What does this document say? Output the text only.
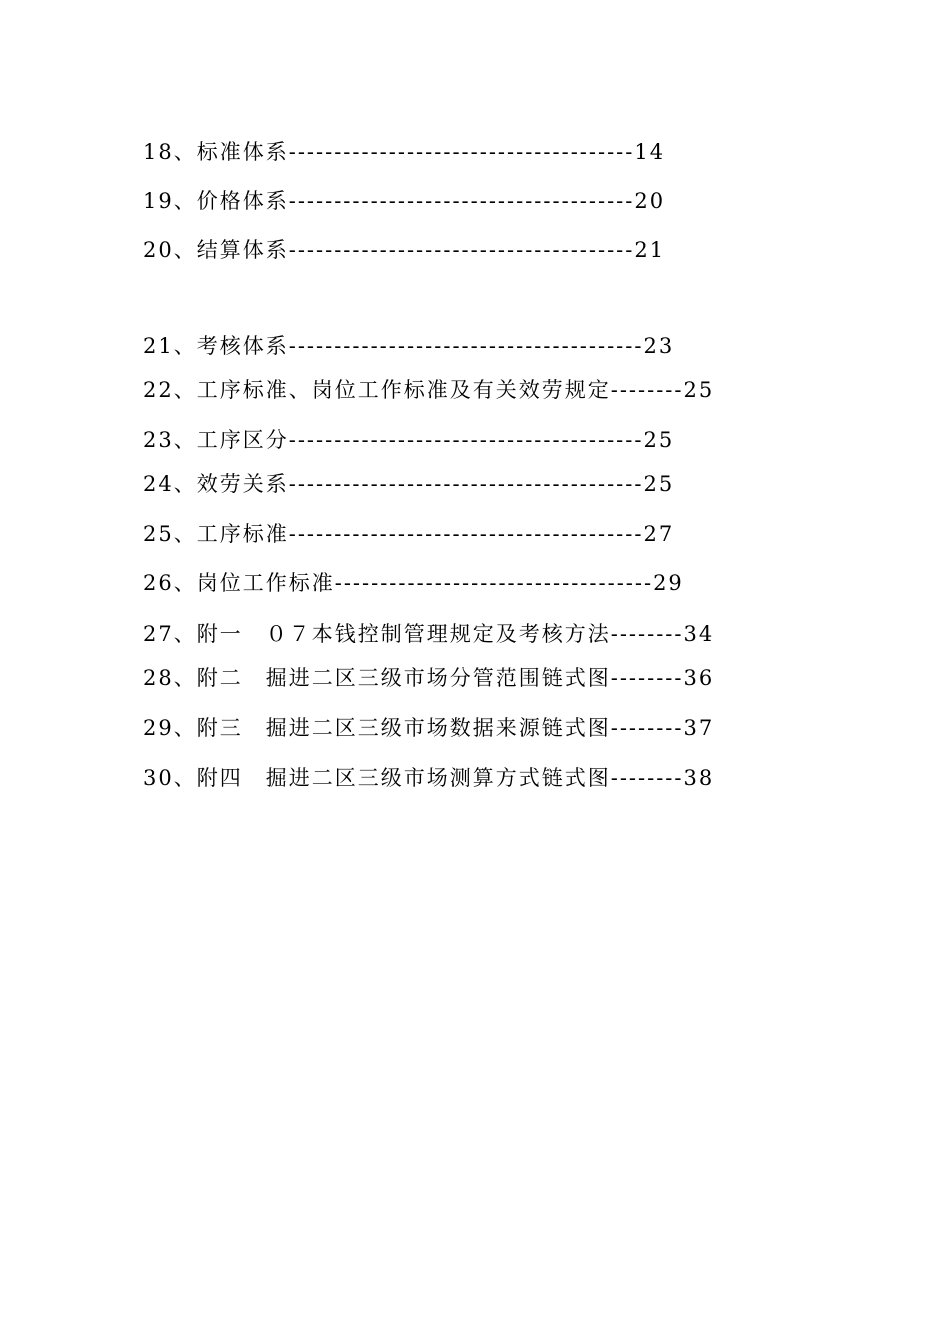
18、标准体系--------------------------------------14
19、价格体系--------------------------------------20
20、结算体系--------------------------------------21
21、考核体系---------------------------------------23
22、工序标准、岗位工作标准及有关效劳规定--------25
23、工序区分---------------------------------------25
24、效劳关系---------------------------------------25
25、工序标准---------------------------------------27
26、岗位工作标准-----------------------------------29
27、附一　０７本钱控制管理规定及考核方法--------34
28、附二　掘进二区三级市场分管范围链式图--------36
29、附三　掘进二区三级市场数据来源链式图--------37
30、附四　掘进二区三级市场测算方式链式图--------38
